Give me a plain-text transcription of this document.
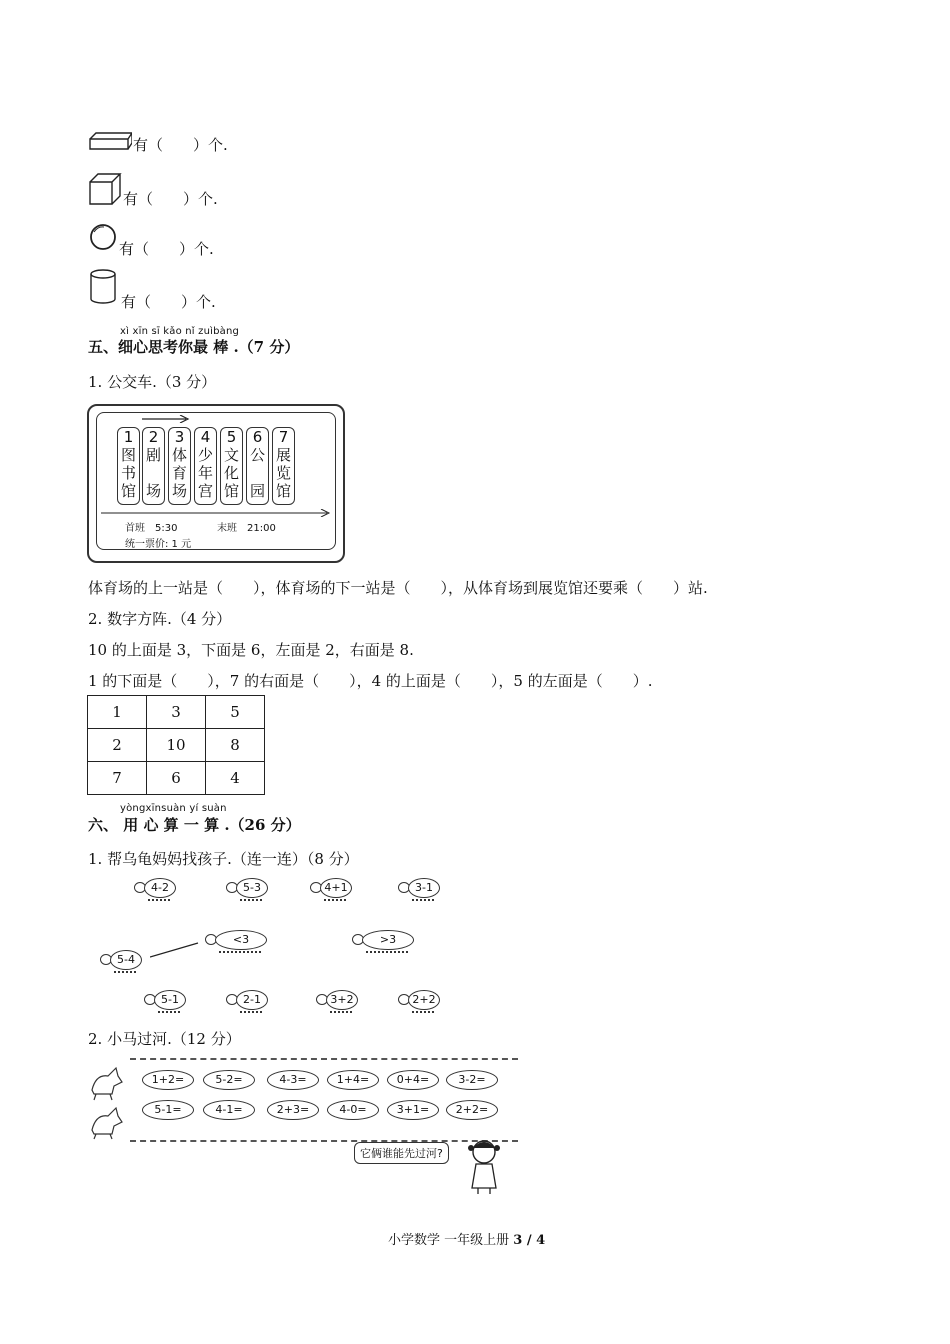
有（　　）个.
有（　　）个.
有（　　）个.
有（　　）个.
xì xīn sī kǎo nǐ zuìbàng
五、细心思考你最 棒 .（7 分）
1. 公交车.（3 分）
1
图
书
馆
2
剧
场
3
体
育
场
4
少
年
宫
5
文
化
馆
6
公
园
7
展
览
馆
首班　5:30	末班　21:00
统一票价: 1 元
体育场的上一站是（　　），体育场的下一站是（　　），从体育场到展览馆还要乘（　　）站.
2. 数字方阵.（4 分）
10 的上面是 3，下面是 6，左面是 2，右面是 8.
1 的下面是（　　），7 的右面是（　　），4 的上面是（　　），5 的左面是（　　）.
1	3	5
2	10	8
7	6	4
yòngxīnsuàn yí suàn
六、 用 心 算 一 算 .（26 分）
1. 帮乌龟妈妈找孩子.（连一连）（8 分）
4-2	5-3	4+1	3-1
<3	>3
5-4
5-1	2-1	3+2	2+2
2. 小马过河.（12 分）
1+2=	5-2=	4-3=	1+4=	0+4=	3-2=
5-1=	4-1=	2+3=	4-0=	3+1=	2+2=
它俩谁能先过河?
小学数学 一年级上册 3 / 4
